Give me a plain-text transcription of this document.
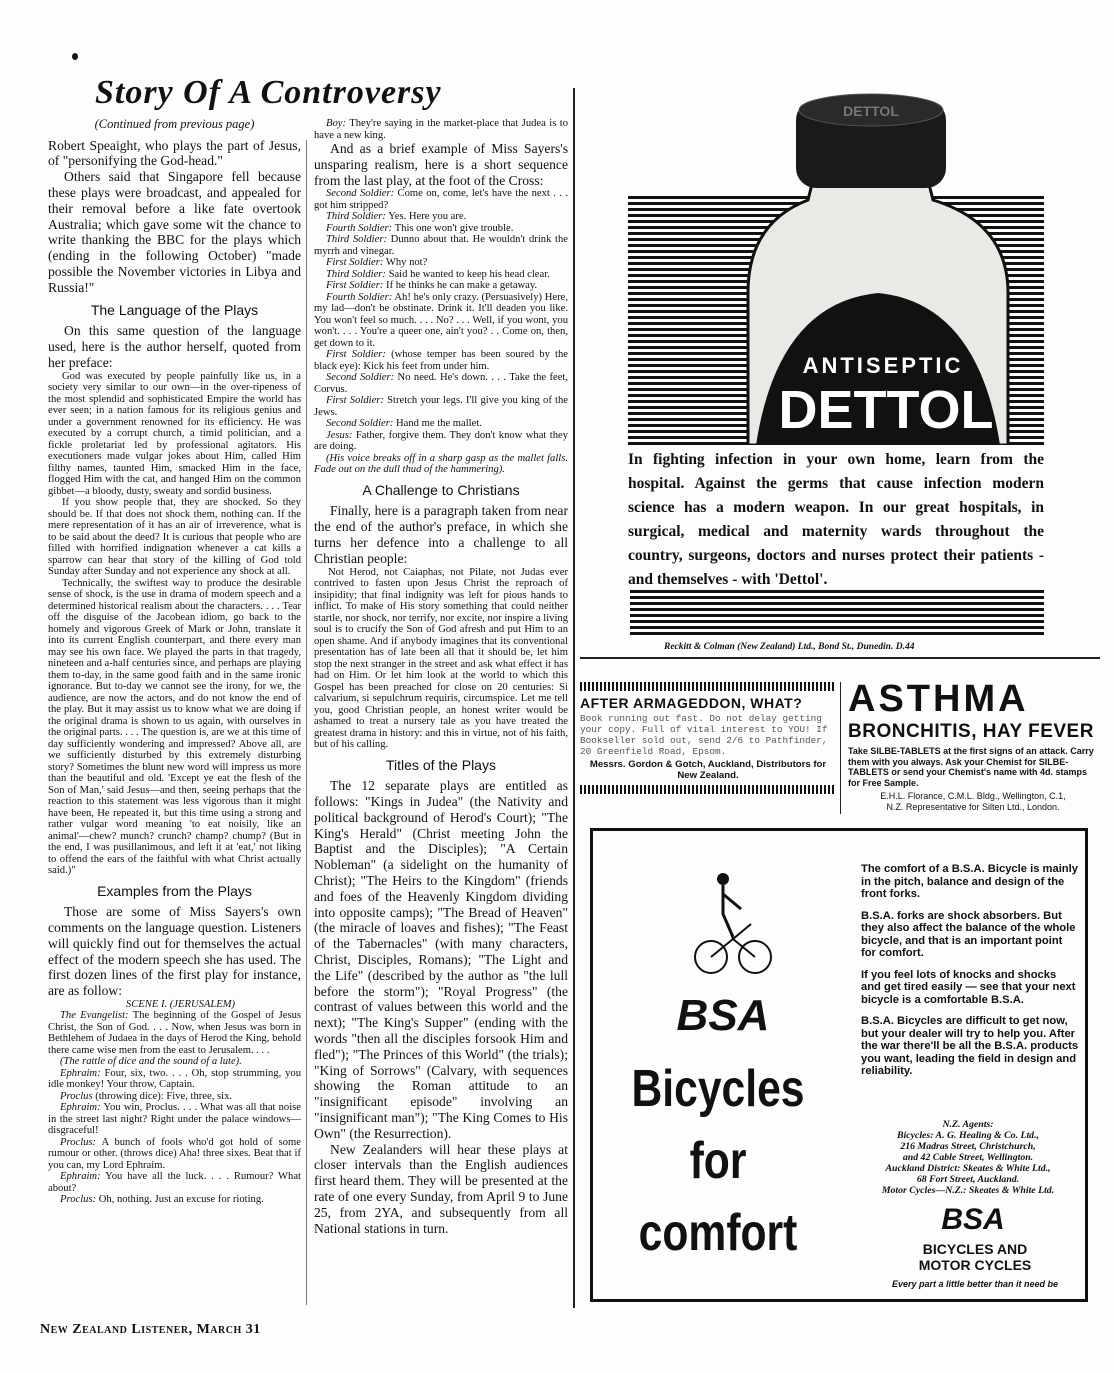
Story Of A Controversy

(Continued from previous page)

Robert Speaight, who plays the part of Jesus, of "personifying the God-head."

Others said that Singapore fell because these plays were broadcast, and appealed for their removal before a like fate overtook Australia; which gave some wit the chance to write thanking the BBC for the plays which (ending in the following October) "made possible the November victories in Libya and Russia!"

The Language of the Plays

On this same question of the language used, here is the author herself, quoted from her preface:

God was executed by people painfully like us, in a society very similar to our own—in the over-ripeness of the most splendid and sophisticated Empire the world has ever seen; in a nation famous for its religious genius and under a government renowned for its efficiency. He was executed by a corrupt church, a timid politician, and a fickle proletariat led by professional agitators. His executioners made vulgar jokes about Him, called Him filthy names, taunted Him, smacked Him in the face, flogged Him with the cat, and hanged Him on the common gibbet—a bloody, dusty, sweaty and sordid business.

If you show people that, they are shocked. So they should be. If that does not shock them, nothing can. If the mere representation of it has an air of irreverence, what is to be said about the deed? It is curious that people who are filled with horrified indignation whenever a cat kills a sparrow can hear that story of the killing of God told Sunday after Sunday and not experience any shock at all.

Technically, the swiftest way to produce the desirable sense of shock, is the use in drama of modern speech and a determined historical realism about the characters. . . . Tear off the disguise of the Jacobean idiom, go back to the homely and vigorous Greek of Mark or John, translate it into its current English counterpart, and there every man may see his own face. We played the parts in that tragedy, nineteen and a-half centuries since, and perhaps are playing them to-day, in the same good faith and in the same ironic ignorance. But to-day we cannot see the irony, for we, the audience, are now the actors, and do not know the end of the play. But it may assist us to know what we are doing if the original drama is shown to us again, with ourselves in the original parts. . . . The question is, are we at this time of day sufficiently wondering and impressed? Above all, are we sufficiently disturbed by this extremely disturbing story? Sometimes the blunt new word will impress us more than the beautiful and old. 'Except ye eat the flesh of the Son of Man,' said Jesus—and then, seeing perhaps that the reaction to this statement was less vigorous than it might have been, He repeated it, but this time using a strong and rather vulgar word meaning 'to eat noisily, like an animal'—chew? munch? crunch? champ? chump? (But in the end, I was pusillanimous, and left it at 'eat,' not liking to offend the ears of the faithful with what Christ actually said.)"

Examples from the Plays

Those are some of Miss Sayers's own comments on the language question. Listeners will quickly find out for themselves the actual effect of the modern speech she has used. The first dozen lines of the first play for instance, are as follow:

SCENE I. (JERUSALEM)

The Evangelist: The beginning of the Gospel of Jesus Christ, the Son of God. . . . Now, when Jesus was born in Bethlehem of Judaea in the days of Herod the King, behold there came wise men from the east to Jerusalem. . . .

(The rattle of dice and the sound of a lute).

Ephraim: Four, six, two. . . . Oh, stop strumming, you idle monkey! Your throw, Captain.

Proclus (throwing dice): Five, three, six.

Ephraim: You win, Proclus. . . . What was all that noise in the street last night? Right under the palace windows—disgraceful!

Proclus: A bunch of fools who'd got hold of some rumour or other. (throws dice) Aha! three sixes. Beat that if you can, my Lord Ephraim.

Ephraim: You have all the luck. . . . Rumour? What about?

Proclus: Oh, nothing. Just an excuse for rioting.

Boy: They're saying in the market-place that Judea is to have a new king.

And as a brief example of Miss Sayers's unsparing realism, here is a short sequence from the last play, at the foot of the Cross:

Second Soldier: Come on, come, let's have the next . . . got him stripped?

Third Soldier: Yes. Here you are.

Fourth Soldier: This one won't give trouble.

Third Soldier: Dunno about that. He wouldn't drink the myrrh and vinegar.

First Soldier: Why not?

Third Soldier: Said he wanted to keep his head clear.

First Soldier: If he thinks he can make a getaway.

Fourth Soldier: Ah! he's only crazy. (Persuasively) Here, my lad—don't be obstinate. Drink it. It'll deaden you like. You won't feel so much. . . . No? . . . Well, if you wont, you won't. . . . You're a queer one, ain't you? . . Come on, then, get down to it.

First Soldier: (whose temper has been soured by the black eye): Kick his feet from under him.

Second Soldier: No need. He's down. . . . Take the feet, Corvus.

First Soldier: Stretch your legs. I'll give you king of the Jews.

Second Soldier: Hand me the mallet.

Jesus: Father, forgive them. They don't know what they are doing.

(His voice breaks off in a sharp gasp as the mallet falls. Fade out on the dull thud of the hammering).

A Challenge to Christians

Finally, here is a paragraph taken from near the end of the author's preface, in which she turns her defence into a challenge to all Christian people:

Not Herod, not Caiaphas, not Pilate, not Judas ever contrived to fasten upon Jesus Christ the reproach of insipidity; that final indignity was left for pious hands to inflict. To make of His story something that could neither startle, nor shock, nor terrify, nor excite, nor inspire a living soul is to crucify the Son of God afresh and put Him to an open shame. And if anybody imagines that its conventional presentation has of late been all that it should be, let him stop the next stranger in the street and ask what effect it has had on Him. Or let him look at the world to which this Gospel has been preached for close on 20 centuries: Si calvarium, si sepulchrum requiris, circumspice. Let me tell you, good Christian people, an honest writer would be ashamed to treat a nursery tale as you have treated the greatest drama in history: and this in virtue, not of his faith, but of his calling.

Titles of the Plays

The 12 separate plays are entitled as follows: "Kings in Judea" (the Nativity and political background of Herod's Court); "The King's Herald" (Christ meeting John the Baptist and the Disciples); "A Certain Nobleman" (a sidelight on the humanity of Christ); "The Heirs to the Kingdom" (friends and foes of the Heavenly Kingdom dividing into opposite camps); "The Bread of Heaven" (the miracle of loaves and fishes); "The Feast of the Tabernacles" (with many characters, Christ, Disciples, Romans); "The Light and the Life" (described by the author as "the lull before the storm"); "Royal Progress" (the contrast of values between this world and the next); "The King's Supper" (ending with the words "then all the disciples forsook Him and fled"); "The Princes of this World" (the trials); "King of Sorrows" (Calvary, with sequences showing the Roman attitude to an "insignificant episode" involving an "insignificant man"); "The King Comes to His Own" (the Resurrection).

New Zealanders will hear these plays at closer intervals than the English audiences first heard them. They will be presented at the rate of one every Sunday, from April 9 to June 25, from 2YA, and subsequently from all National stations in turn.

DETTOL
ANTISEPTIC
DETTOL
In fighting infection in your own home, learn from the hospital. Against the germs that cause infection modern science has a modern weapon. In our great hospitals, in surgical, medical and maternity wards throughout the country, surgeons, doctors and nurses protect their patients - and themselves - with 'Dettol'.
Reckitt & Colman (New Zealand) Ltd., Bond St., Dunedin. D.44
AFTER ARMAGEDDON, WHAT?
Book running out fast. Do not delay getting your copy. Full of vital interest to YOU! If Bookseller sold out, send 2/6 to Pathfinder, 20 Greenfield Road, Epsom.
Messrs. Gordon & Gotch, Auckland, Distributors for New Zealand.
ASTHMA
BRONCHITIS, HAY FEVER
Take SILBE-TABLETS at the first signs of an attack. Carry them with you always. Ask your Chemist for SILBE-TABLETS or send your Chemist's name with 4d. stamps for Free Sample.
E.H.L. Florance, C.M.L. Bldg., Wellington, C.1,
N.Z. Representative for Silten Ltd., London.
BSA
Bicycles
for
comfort

The comfort of a B.S.A. Bicycle is mainly in the pitch, balance and design of the front forks.

B.S.A. forks are shock absorbers. But they also affect the balance of the whole bicycle, and that is an important point for comfort.

If you feel lots of knocks and shocks and get tired easily — see that your next bicycle is a comfortable B.S.A.

B.S.A. Bicycles are difficult to get now, but your dealer will try to help you. After the war there'll be all the B.S.A. products you want, leading the field in design and reliability.

N.Z. Agents:
Bicycles: A. G. Healing & Co. Ltd.,
216 Madras Street, Christchurch,
and 42 Cable Street, Wellington.
Auckland District: Skeates & White Ltd.,
68 Fort Street, Auckland.
Motor Cycles—N.Z.: Skeates & White Ltd.
BSA
BICYCLES AND
MOTOR CYCLES
Every part a little better than it need be
New Zealand Listener, March 31
